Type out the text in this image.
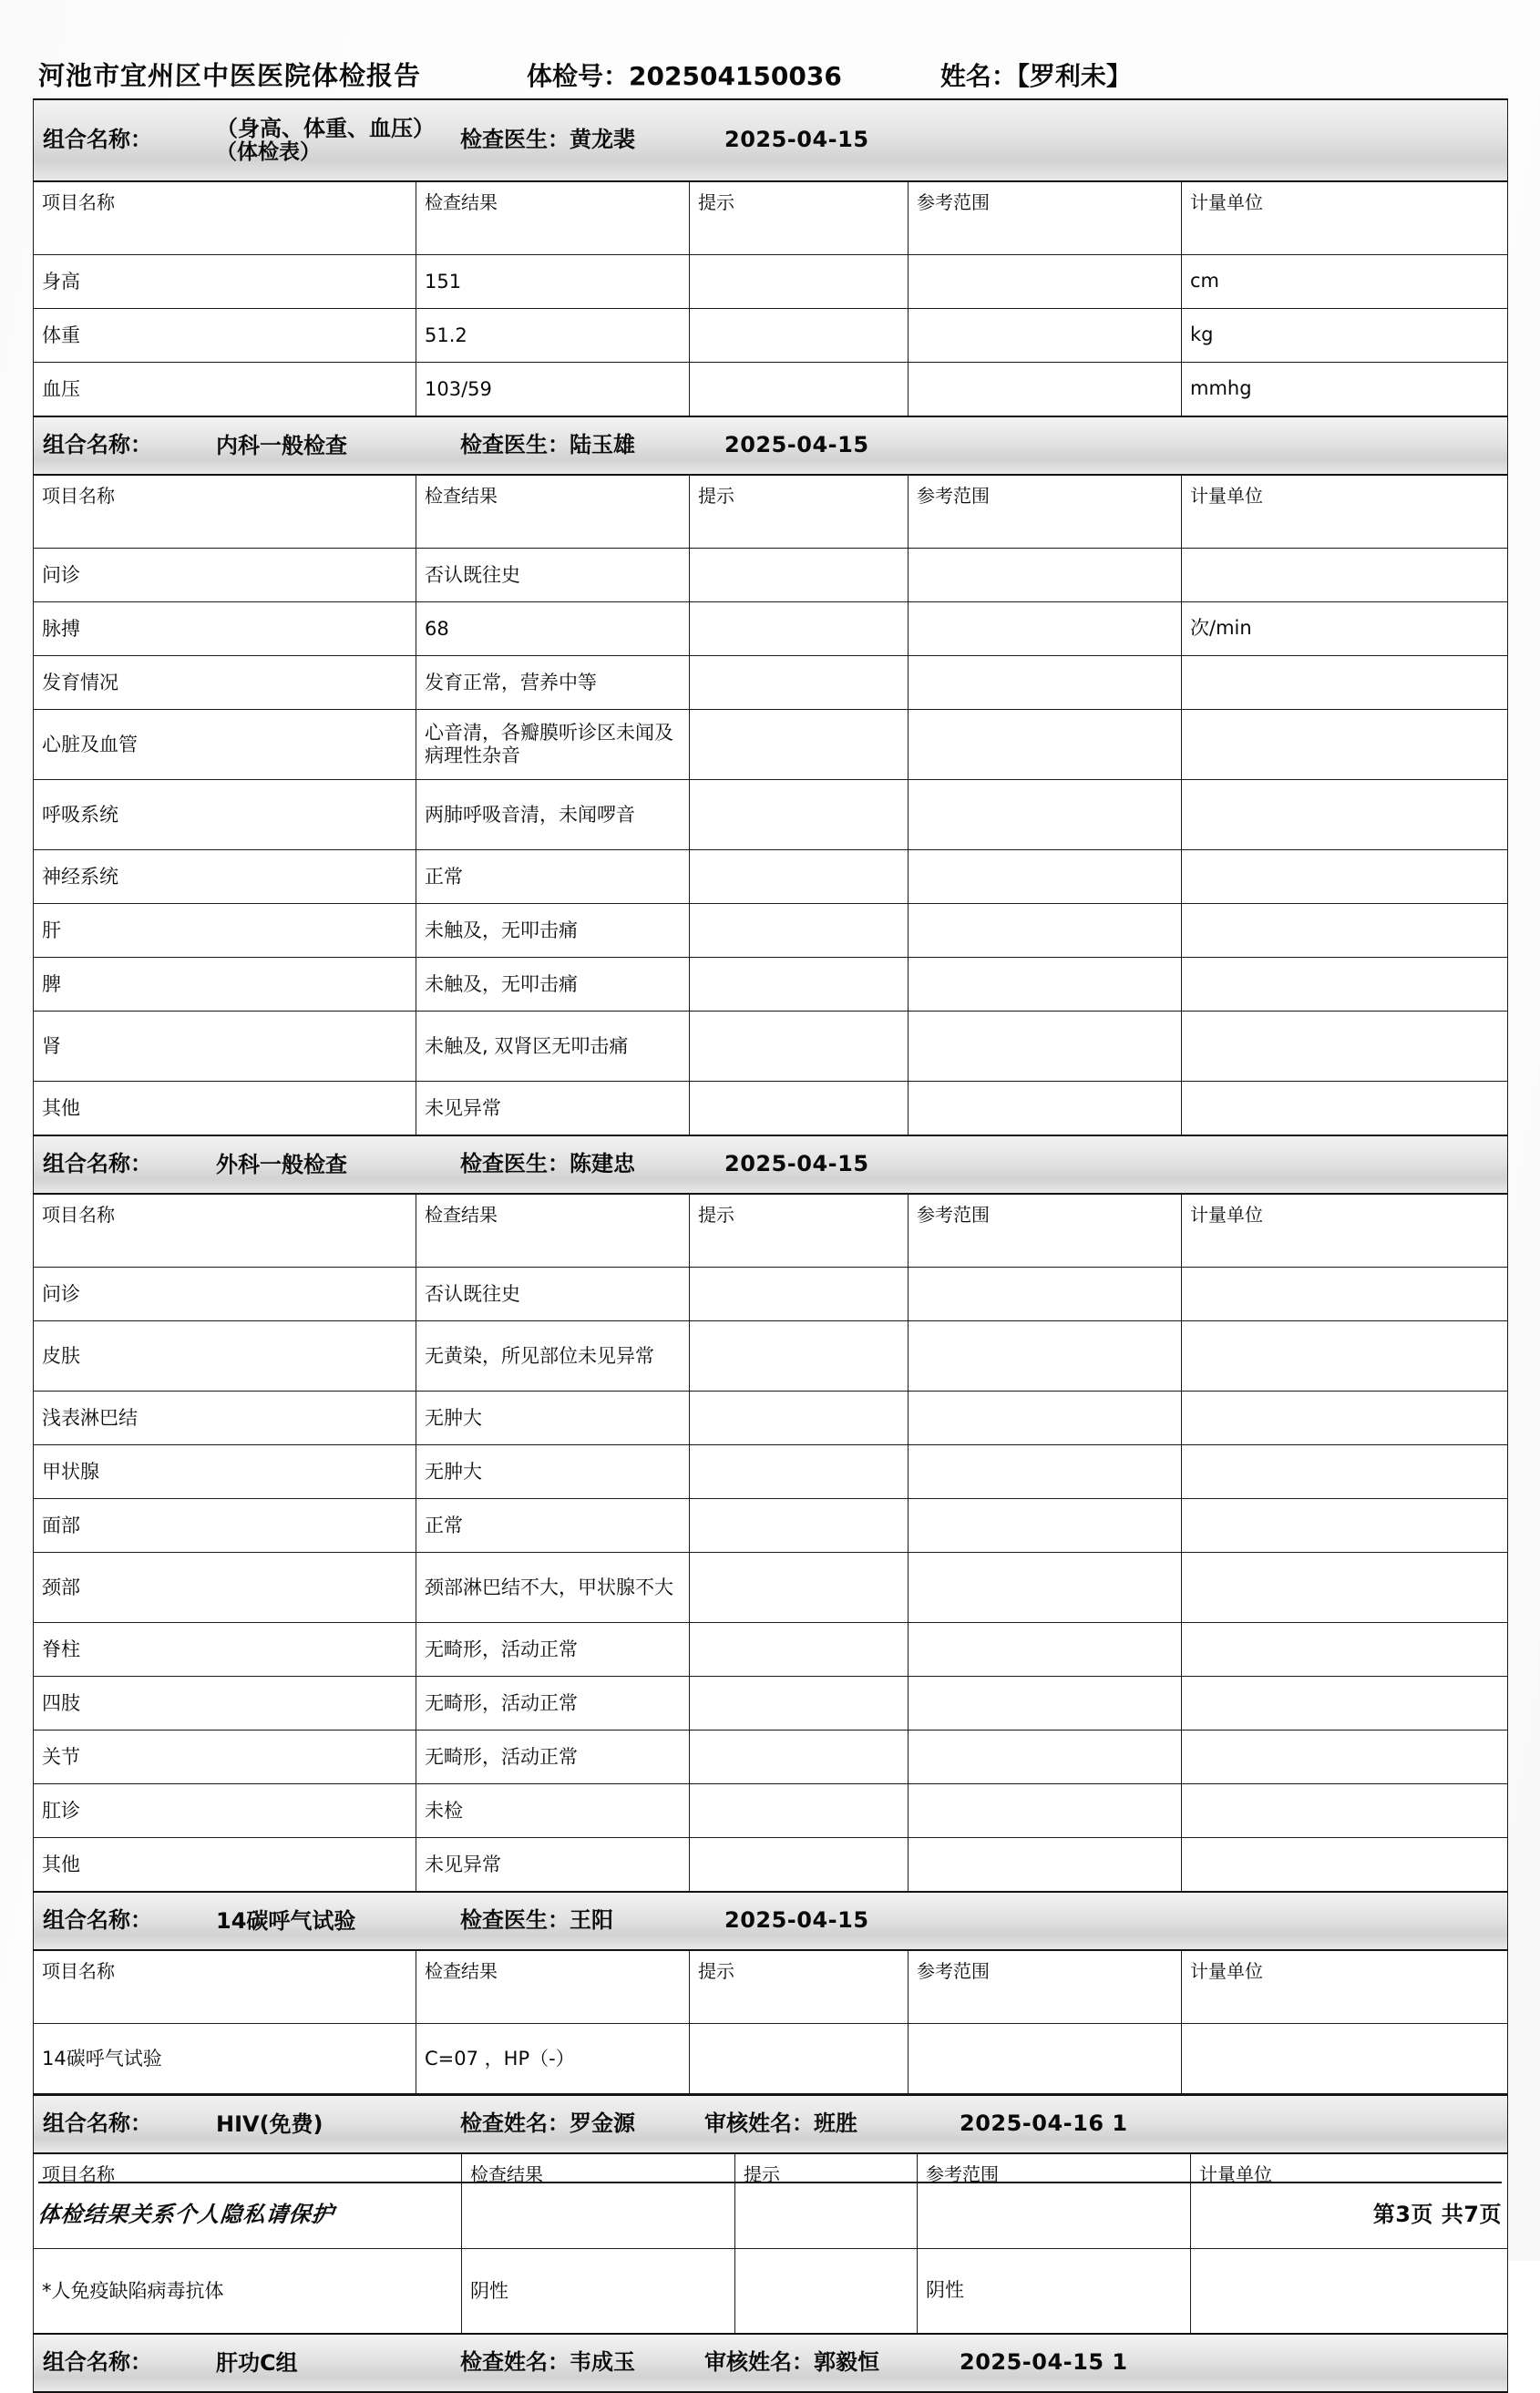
河池市宜州区中医医院体检报告	体检号：202504150036	姓名：【罗利未】
组合名称： （身高、体重、血压）
（体检表） 检查医生：黄龙裴 2025-04-15				

项目名称	检查结果	提示	参考范围	计量单位
身高	151			cm
体重	51.2			kg
血压	103/59			mmhg

组合名称： 内科一般检查 检查医生：陆玉雄 2025-04-15				

项目名称	检查结果	提示	参考范围	计量单位
问诊	否认既往史			
脉搏	68			次/min
发育情况	发育正常，营养中等			
心脏及血管	心音清，各瓣膜听诊区未闻及病理性杂音			
呼吸系统	两肺呼吸音清，未闻啰音			
神经系统	正常			
肝	未触及，无叩击痛			
脾	未触及，无叩击痛			
肾	未触及, 双肾区无叩击痛			
其他	未见异常			

组合名称： 外科一般检查 检查医生：陈建忠 2025-04-15				

项目名称	检查结果	提示	参考范围	计量单位
问诊	否认既往史			
皮肤	无黄染，所见部位未见异常			
浅表淋巴结	无肿大			
甲状腺	无肿大			
面部	正常			
颈部	颈部淋巴结不大，甲状腺不大			
脊柱	无畸形，活动正常			
四肢	无畸形，活动正常			
关节	无畸形，活动正常			
肛诊	未检			
其他	未见异常			

组合名称： 14碳呼气试验 检查医生：王阳 2025-04-15				

项目名称	检查结果	提示	参考范围	计量单位
14碳呼气试验	C=07 ，HP（-）			
组合名称： HIV(免费) 检查姓名：罗金源 审核姓名：班胜 2025-04-16 1				

项目名称	检查结果	提示	参考范围	计量单位
*人免疫缺陷病毒抗体	阴性		阴性	

组合名称： 肝功C组 检查姓名：韦成玉 审核姓名：郭毅恒 2025-04-15 1				
体检结果关系个人隐私请保护	第3页 共7页
